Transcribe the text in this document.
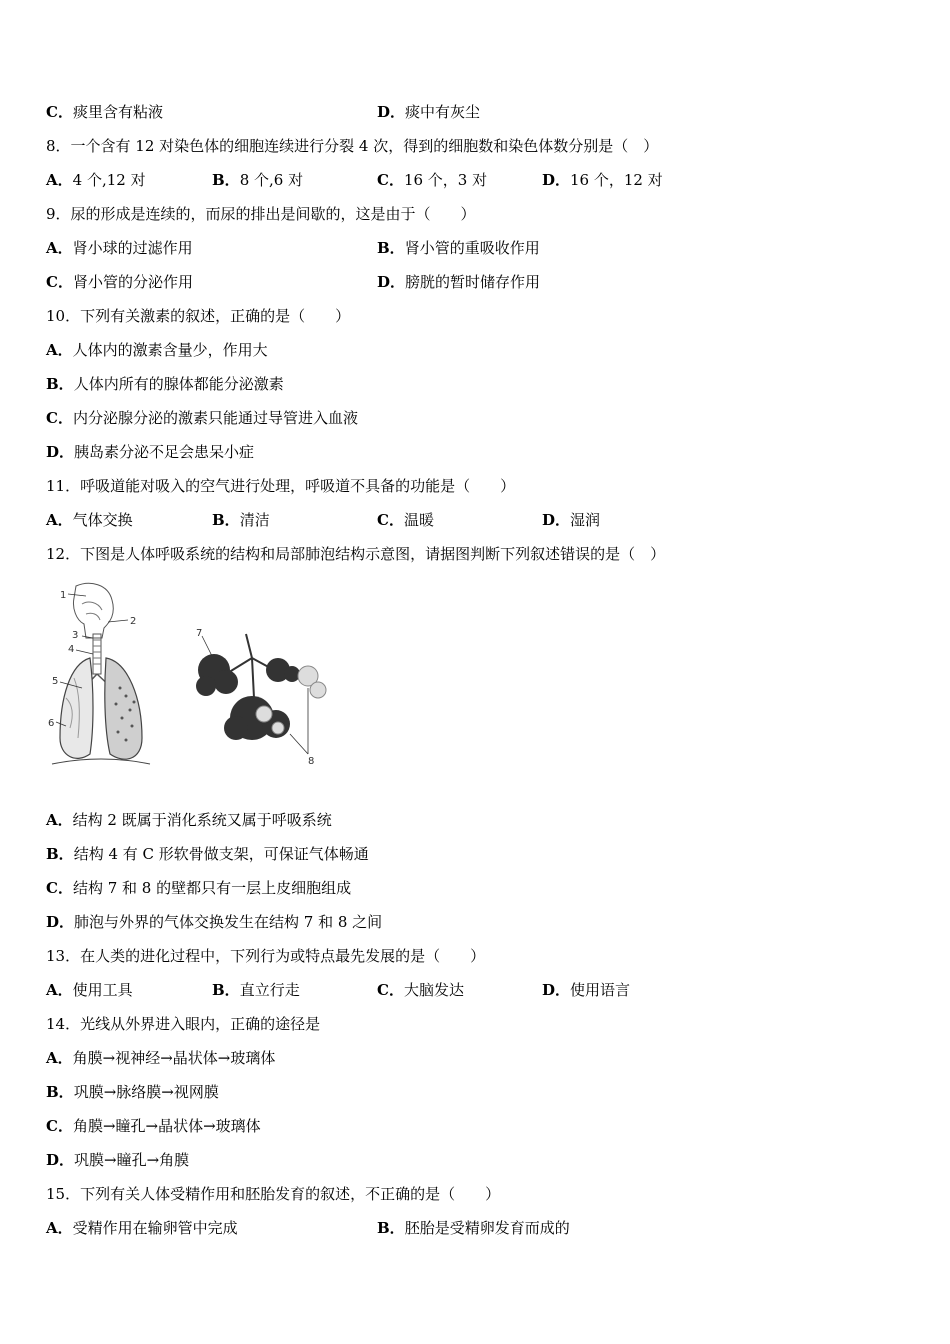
C．痰里含有粘液	D．痰中有灰尘
8．一个含有 12 对染色体的细胞连续进行分裂 4 次，得到的细胞数和染色体数分别是（　）
A．4 个,12 对	B．8 个,6 对	C．16 个，3 对	D．16 个，12 对
9．尿的形成是连续的，而尿的排出是间歇的，这是由于（　　）
A．肾小球的过滤作用	B．肾小管的重吸收作用
C．肾小管的分泌作用	D．膀胱的暂时储存作用
10．下列有关激素的叙述，正确的是（　　）
A．人体内的激素含量少，作用大
B．人体内所有的腺体都能分泌激素
C．内分泌腺分泌的激素只能通过导管进入血液
D．胰岛素分泌不足会患呆小症
11．呼吸道能对吸入的空气进行处理，呼吸道不具备的功能是（　　）
A．气体交换	B．清洁	C．温暖	D．湿润
12．下图是人体呼吸系统的结构和局部肺泡结构示意图，请据图判断下列叙述错误的是（　）
1
2
3
4
5
6
7
8
A．结构 2 既属于消化系统又属于呼吸系统
B．结构 4 有 C 形软骨做支架，可保证气体畅通
C．结构 7 和 8 的壁都只有一层上皮细胞组成
D．肺泡与外界的气体交换发生在结构 7 和 8 之间
13．在人类的进化过程中，下列行为或特点最先发展的是（　　）
A．使用工具	B．直立行走	C．大脑发达	D．使用语言
14．光线从外界进入眼内，正确的途径是
A．角膜→视神经→晶状体→玻璃体
B．巩膜→脉络膜→视网膜
C．角膜→瞳孔→晶状体→玻璃体
D．巩膜→瞳孔→角膜
15．下列有关人体受精作用和胚胎发育的叙述，不正确的是（　　）
A．受精作用在输卵管中完成	B．胚胎是受精卵发育而成的
